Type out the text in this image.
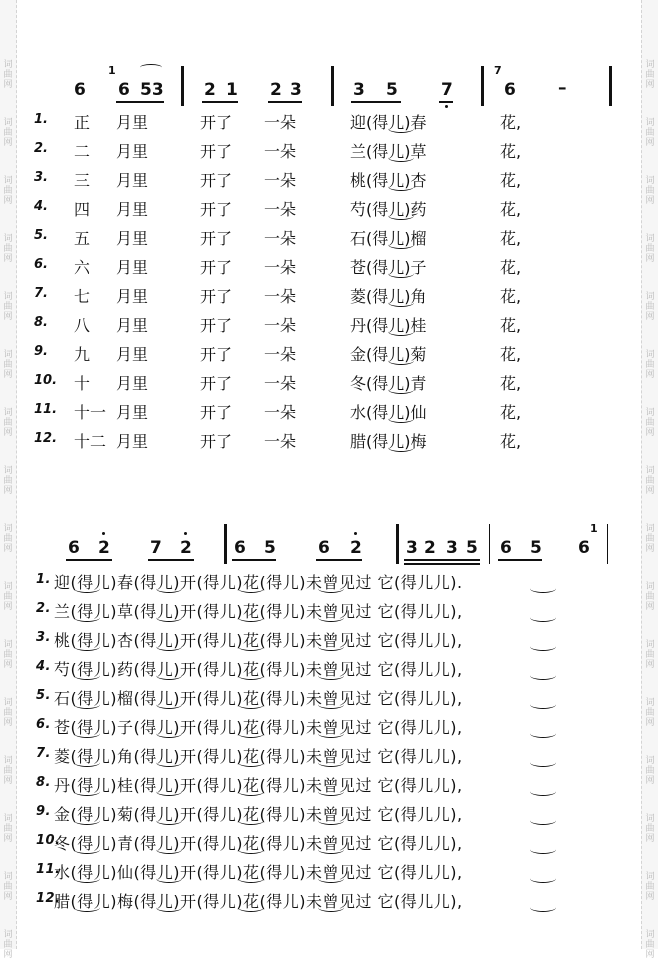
6
1
6 53 2 1 2 3	3 5	7
7
6 –
1. 正 月里	开了 一朵	迎(得儿)春	花,
2. 二 月里	开了 一朵	兰(得儿)草	花,
3. 三 月里	开了 一朵	桃(得儿)杏	花,
4. 四 月里	开了 一朵	芍(得儿)药	花,
5. 五 月里	开了 一朵	石(得儿)榴	花,
6. 六 月里	开了 一朵	苍(得儿)子	花,
7. 七 月里	开了 一朵	菱(得儿)角	花,
8. 八 月里	开了 一朵	丹(得儿)桂	花,
9. 九 月里	开了 一朵	金(得儿)菊	花,
10. 十 月里	开了 一朵	冬(得儿)青	花,
11. 十一 月里	开了 一朵	水(得儿)仙	花,
12. 十二 月里	开了 一朵	腊(得儿)梅	花,
6 2 7 2 6 5 6 2	3 2 3 5 6 5 6
1
1. 迎(得儿)春(得儿)开(得儿)花(得儿)未曾见过 它(得儿儿).
2. 兰(得儿)草(得儿)开(得儿)花(得儿)未曾见过 它(得儿儿),
3. 桃(得儿)杏(得儿)开(得儿)花(得儿)未曾见过 它(得儿儿),
4. 芍(得儿)药(得儿)开(得儿)花(得儿)未曾见过 它(得儿儿),
5. 石(得儿)榴(得儿)开(得儿)花(得儿)未曾见过 它(得儿儿),
6. 苍(得儿)子(得儿)开(得儿)花(得儿)未曾见过 它(得儿儿),
7. 菱(得儿)角(得儿)开(得儿)花(得儿)未曾见过 它(得儿儿),
8. 丹(得儿)桂(得儿)开(得儿)花(得儿)未曾见过 它(得儿儿),
9. 金(得儿)菊(得儿)开(得儿)花(得儿)未曾见过 它(得儿儿),
10.
冬(得儿)青(得儿)开(得儿)花(得儿)未曾见过 它(得儿儿),
11.
水(得儿)仙(得儿)开(得儿)花(得儿)未曾见过 它(得儿儿),
12.
腊(得儿)梅(得儿)开(得儿)花(得儿)未曾见过 它(得儿儿),
词曲网
词曲网
词曲网
词曲网
词曲网
词曲网
词曲网
词曲网
词曲网
词曲网
词曲网
词曲网
词曲网
词曲网
词曲网
词曲网
词曲网
词曲网
词曲网
词曲网
词曲网
词曲网
词曲网
词曲网
词曲网
词曲网
词曲网
词曲网
词曲网
词曲网
词曲网
词曲网
